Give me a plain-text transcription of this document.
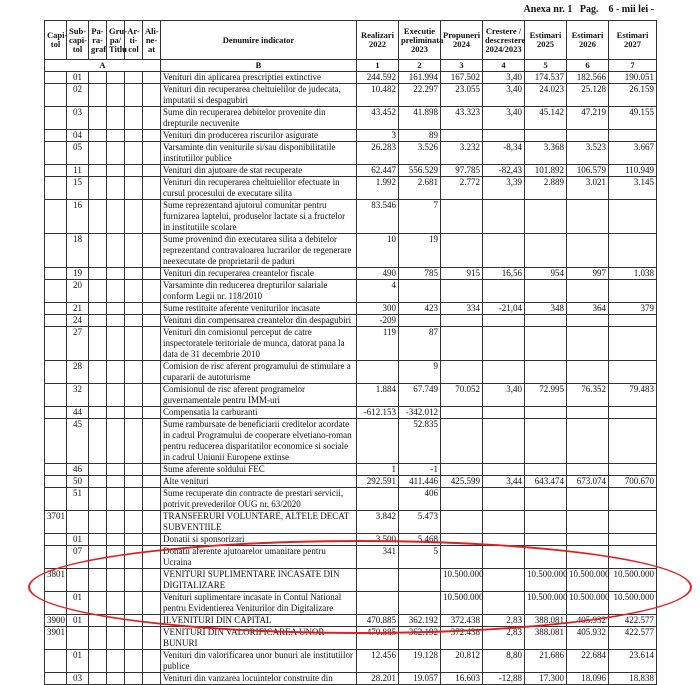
Anexa nr. 1 Pag. 6 - mii lei -
Capi-tol	Sub-capi-tol	Pa-ra-graf	Gru-pa/ Titlu	Ar-ti-col	Ali-ne-at	Denumire indicator	Realizari 2022	Executie preliminata 2023	Propuneri 2024	Crestere / descrestere 2024/2023	Estimari 2025	Estimari 2026	Estimari 2027
A						B	1	2	3	4	5	6	7
	01					Venituri din aplicarea prescriptiei extinctive	244.592	161.994	167.502	3,40	174.537	182.566	190.051
	02					Venituri din recuperarea cheltuielilor de judecata, imputatii si despagubiri	10.482	22.297	23.055	3,40	24.023	25.128	26.159
	03					Sume din recuperarea debitelor provenite din drepturile necuvenite	43.452	41.898	43.323	3,40	45.142	47.219	49.155
	04					Venituri din producerea riscurilor asigurate	3	89					
	05					Varsaminte din veniturile si/sau disponibilitatile institutiilor publice	26.283	3.526	3.232	-8,34	3.368	3.523	3.667
	11					Venituri din ajutoare de stat recuperate	62.447	556.529	97.785	-82,43	101.892	106.579	110.949
	15					Venituri din recuperarea cheltuielilor efectuate in cursul procesului de executare silita	1.992	2.681	2.772	3,39	2.889	3.021	3.145
	16					Sume reprezentand ajutorul comunitar pentru furnizarea laptelui, produselor lactate si a fructelor in institutiile scolare	83.546	7					
	18					Sume provenind din executarea silita a debitelor reprezentand contravaloarea lucrarilor de regenerare neexecutate de proprietarii de paduri	10	19					
	19					Venituri din recuperarea creantelor fiscale	490	785	915	16,56	954	997	1.038
	20					Varsaminte din reducerea drepturilor salariale conform Legii nr. 118/2010	4						
	21					Sume restituite aferente veniturilor incasate	300	423	334	-21,04	348	364	379
	24					Venituri din compensarea creantelor din despagubiri	-209						
	27					Venituri din comisionul perceput de catre inspectoratele teritoriale de munca, datorat pana la data de 31 decembrie 2010	119	87					
	28					Comision de risc aferent programului de stimulare a cupararii de autoturisme		9					
	32					Comisionul de risc aferent programelor guvernamentale pentru IMM-uri	1.884	67.749	70.052	3,40	72.995	76.352	79.483
	44					Compensatia la carburanti	-612.153	-342.012					
	45					Sume rambursate de beneficiarii creditelor acordate in cadrul Programului de cooperare elvetiano-roman pentru reducerea disparitatilor economice si sociale in cadrul Uniunii Europene extinse		52.835					
	46					Sume aferente soldului FEC	1	-1					
	50					Alte venituri	292.591	411.446	425.599	3,44	643.474	673.074	700.670
	51					Sume recuperate din contracte de prestari servicii, potrivit prevederilor OUG nr. 63/2020		406					
3701						TRANSFERURI VOLUNTARE, ALTELE DECAT SUBVENTIILE	3.842	5.473					
	01					Donatii si sponsorizari	3.500	5.468					
	07					Donatii aferente ajutoarelor umanitare pentru Ucraina	341	5					
3801						VENITURI SUPLIMENTARE INCASATE DIN DIGITALIZARE			10.500.000		10.500.000	10.500.000	10.500.000
	01					Venituri suplimentare incasate in Contul National pentru Evidentierea Veniturilor din Digitalizare			10.500.000		10.500.000	10.500.000	10.500.000
3900	01					II.VENITURI DIN CAPITAL	470.885	362.192	372.438	2,83	388.081	405.932	422.577
3901						VENITURI DIN VALORIFICAREA UNOR BUNURI	470.885	362.192	372.438	2,83	388.081	405.932	422.577
	01					Venituri din valorificarea unor bunuri ale institutiilor publice	12.456	19.128	20.812	8,80	21.686	22.684	23.614
	03					Venituri din vanzarea locuintelor construite din	28.201	19.057	16.603	-12,88	17.300	18.096	18.838
